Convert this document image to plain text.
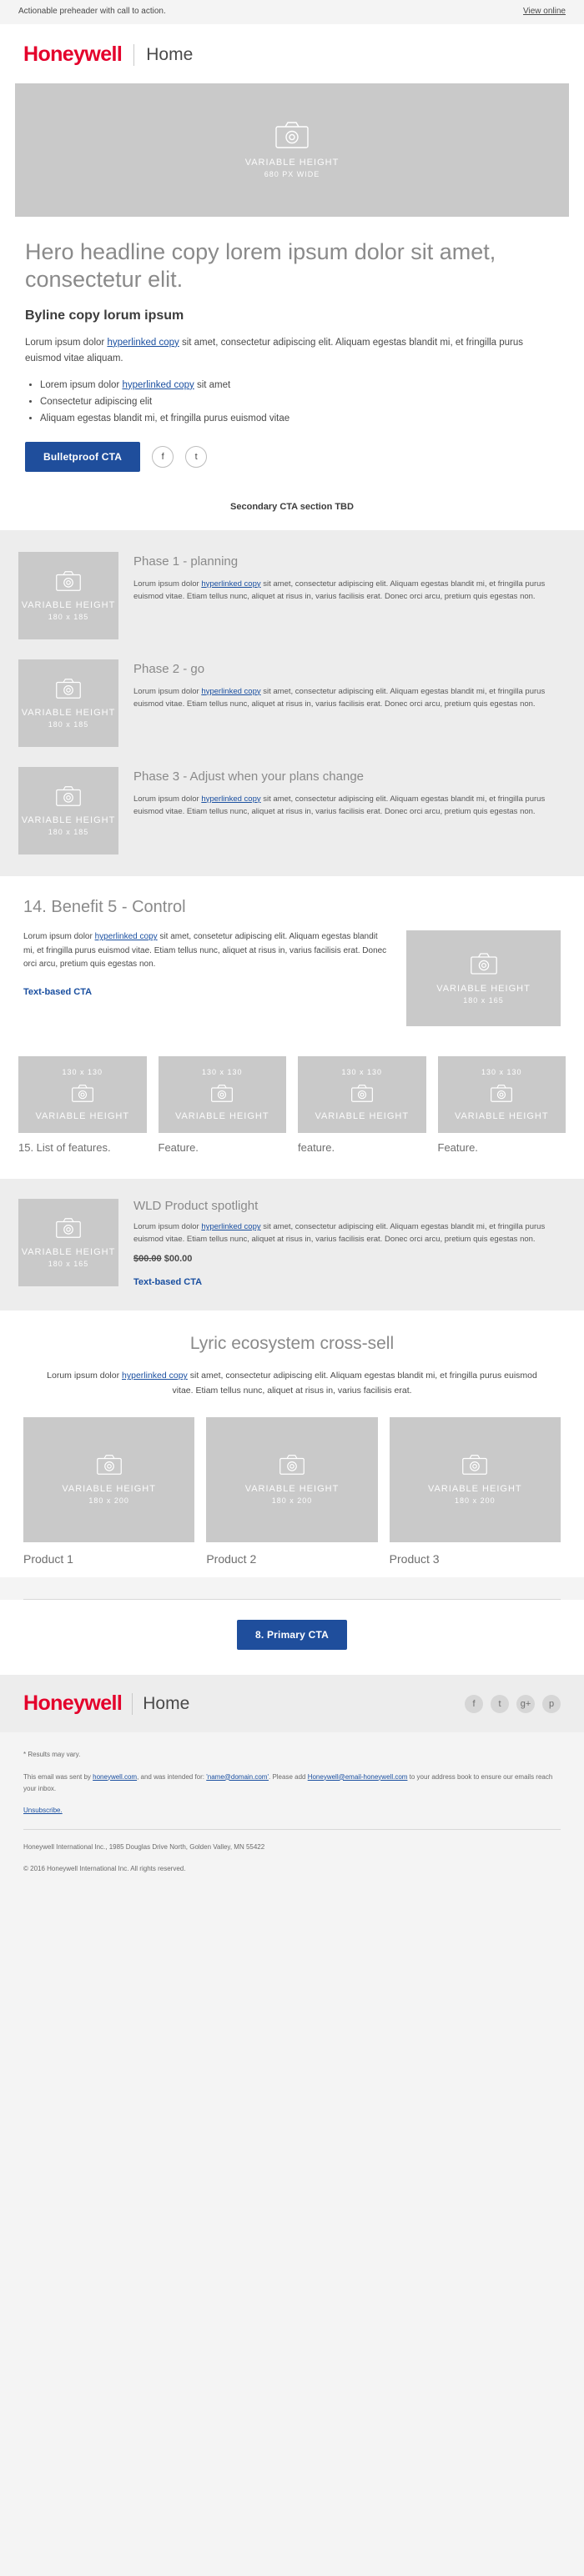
Actionable preheader with call to action.	View online
Honeywell Home
VARIABLE HEIGHT
680 PX WIDE
Hero headline copy lorem ipsum dolor sit amet, consectetur elit.
Byline copy lorum ipsum

Lorum ipsum dolor hyperlinked copy sit amet, consectetur adipiscing elit. Aliquam egestas blandit mi, et fringilla purus euismod vitae aliquam.

• Lorem ipsum dolor hyperlinked copy sit amet
• Consectetur adipiscing elit
• Aliquam egestas blandit mi, et fringilla purus euismod vitae
Bulletproof CTA	f	t
Secondary CTA section TBD
VARIABLE HEIGHT
180 x 185
Phase 1 - planning

Lorum ipsum dolor hyperlinked copy sit amet, consectetur adipiscing elit. Aliquam egestas blandit mi, et fringilla purus euismod vitae. Etiam tellus nunc, aliquet at risus in, varius facilisis erat. Donec orci arcu, pretium quis egestas non.

VARIABLE HEIGHT
180 x 185
Phase 2 - go

Lorum ipsum dolor hyperlinked copy sit amet, consectetur adipiscing elit. Aliquam egestas blandit mi, et fringilla purus euismod vitae. Etiam tellus nunc, aliquet at risus in, varius facilisis erat. Donec orci arcu, pretium quis egestas non.

VARIABLE HEIGHT
180 x 185
Phase 3 - Adjust when your plans change

Lorum ipsum dolor hyperlinked copy sit amet, consectetur adipiscing elit. Aliquam egestas blandit mi, et fringilla purus euismod vitae. Etiam tellus nunc, aliquet at risus in, varius facilisis erat. Donec orci arcu, pretium quis egestas non.

14. Benefit 5 - Control

Lorum ipsum dolor hyperlinked copy sit amet, consetetur adipiscing elit. Aliquam egestas blandit mi, et fringilla purus euismod vitae. Etiam tellus nunc, aliquet at risus in, varius facilisis erat. Donec orci arcu, pretium quis egestas non.

Text-based CTA	VARIABLE HEIGHT
180 x 165
130 x 130
VARIABLE HEIGHT
15. List of features.
130 x 130
VARIABLE HEIGHT
Feature.
130 x 130
VARIABLE HEIGHT
feature.
130 x 130
VARIABLE HEIGHT
Feature.
VARIABLE HEIGHT
180 x 165
WLD Product spotlight

Lorum ipsum dolor hyperlinked copy sit amet, consectetur adipiscing elit. Aliquam egestas blandit mi, et fringilla purus euismod vitae. Etiam tellus nunc, aliquet at risus in, varius facilisis erat. Donec orci arcu, pretium quis egestas non.

$00.00 $00.00
Text-based CTA
Lyric ecosystem cross-sell

Lorum ipsum dolor hyperlinked copy sit amet, consectetur adipiscing elit. Aliquam egestas blandit mi, et fringilla purus euismod vitae. Etiam tellus nunc, aliquet at risus in, varius facilisis erat.

VARIABLE HEIGHT
180 x 200
Product 1
VARIABLE HEIGHT
180 x 200
Product 2
VARIABLE HEIGHT
180 x 200
Product 3
8. Primary CTA
Honeywell Home	f	t	g+	p

* Results may vary.

This email was sent by honeywell.com, and was intended for: 'name@domain.com'. Please add Honeywell@email-honeywell.com to your address book to ensure our emails reach your inbox.

Unsubscribe.

Honeywell International Inc., 1985 Douglas Drive North, Golden Valley, MN 55422

© 2016 Honeywell International Inc. All rights reserved.
